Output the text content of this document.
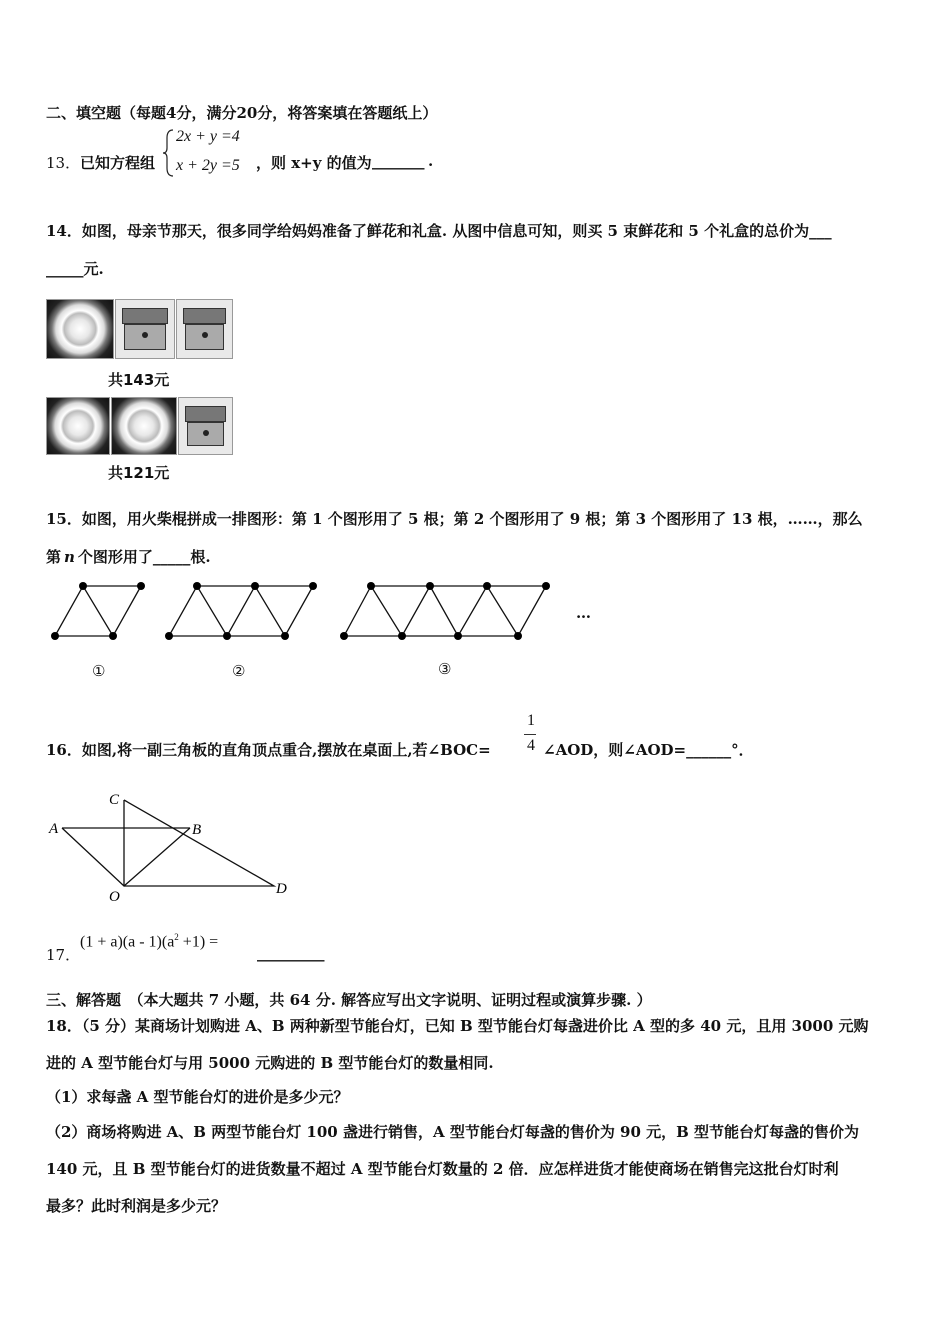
二、填空题（每题4分，满分20分，将答案填在答题纸上）
13． 已知方程组
2x + y =4
x + 2y =5 ，则 x+y 的值为 _______ .
14．如图，母亲节那天，很多同学给妈妈准备了鲜花和礼盒. 从图中信息可知，则买 5 束鲜花和 5 个礼盒的总价为___
_____元.
共143元
共121元
15．如图，用火柴棍拼成一排图形：第 1 个图形用了 5 根；第 2 个图形用了 9 根；第 3 个图形用了 13 根，……，那么
第 n 个图形用了_____根.
①	②	③
…
16．如图,将一副三角板的直角顶点重合,摆放在桌面上,若∠BOC=
1
4 ∠AOD，则∠AOD=______°．
A	B
C
O	D
17．
$(1 + a)(a - 1)(a^2 +1)$ =
_________
三、解答题　（本大题共 7 小题，共 64 分. 解答应写出文字说明、证明过程或演算步骤. ）
18．（5 分）某商场计划购进 A、B 两种新型节能台灯，已知 B 型节能台灯每盏进价比 A 型的多 40 元，且用 3000 元购
进的 A 型节能台灯与用 5000 元购进的 B 型节能台灯的数量相同.
（1）求每盏 A 型节能台灯的进价是多少元？
（2）商场将购进 A、B 两型节能台灯 100 盏进行销售，A 型节能台灯每盏的售价为 90 元，B 型节能台灯每盏的售价为
140 元，且 B 型节能台灯的进货数量不超过 A 型节能台灯数量的 2 倍．应怎样进货才能使商场在销售完这批台灯时利
最多？此时利润是多少元？
